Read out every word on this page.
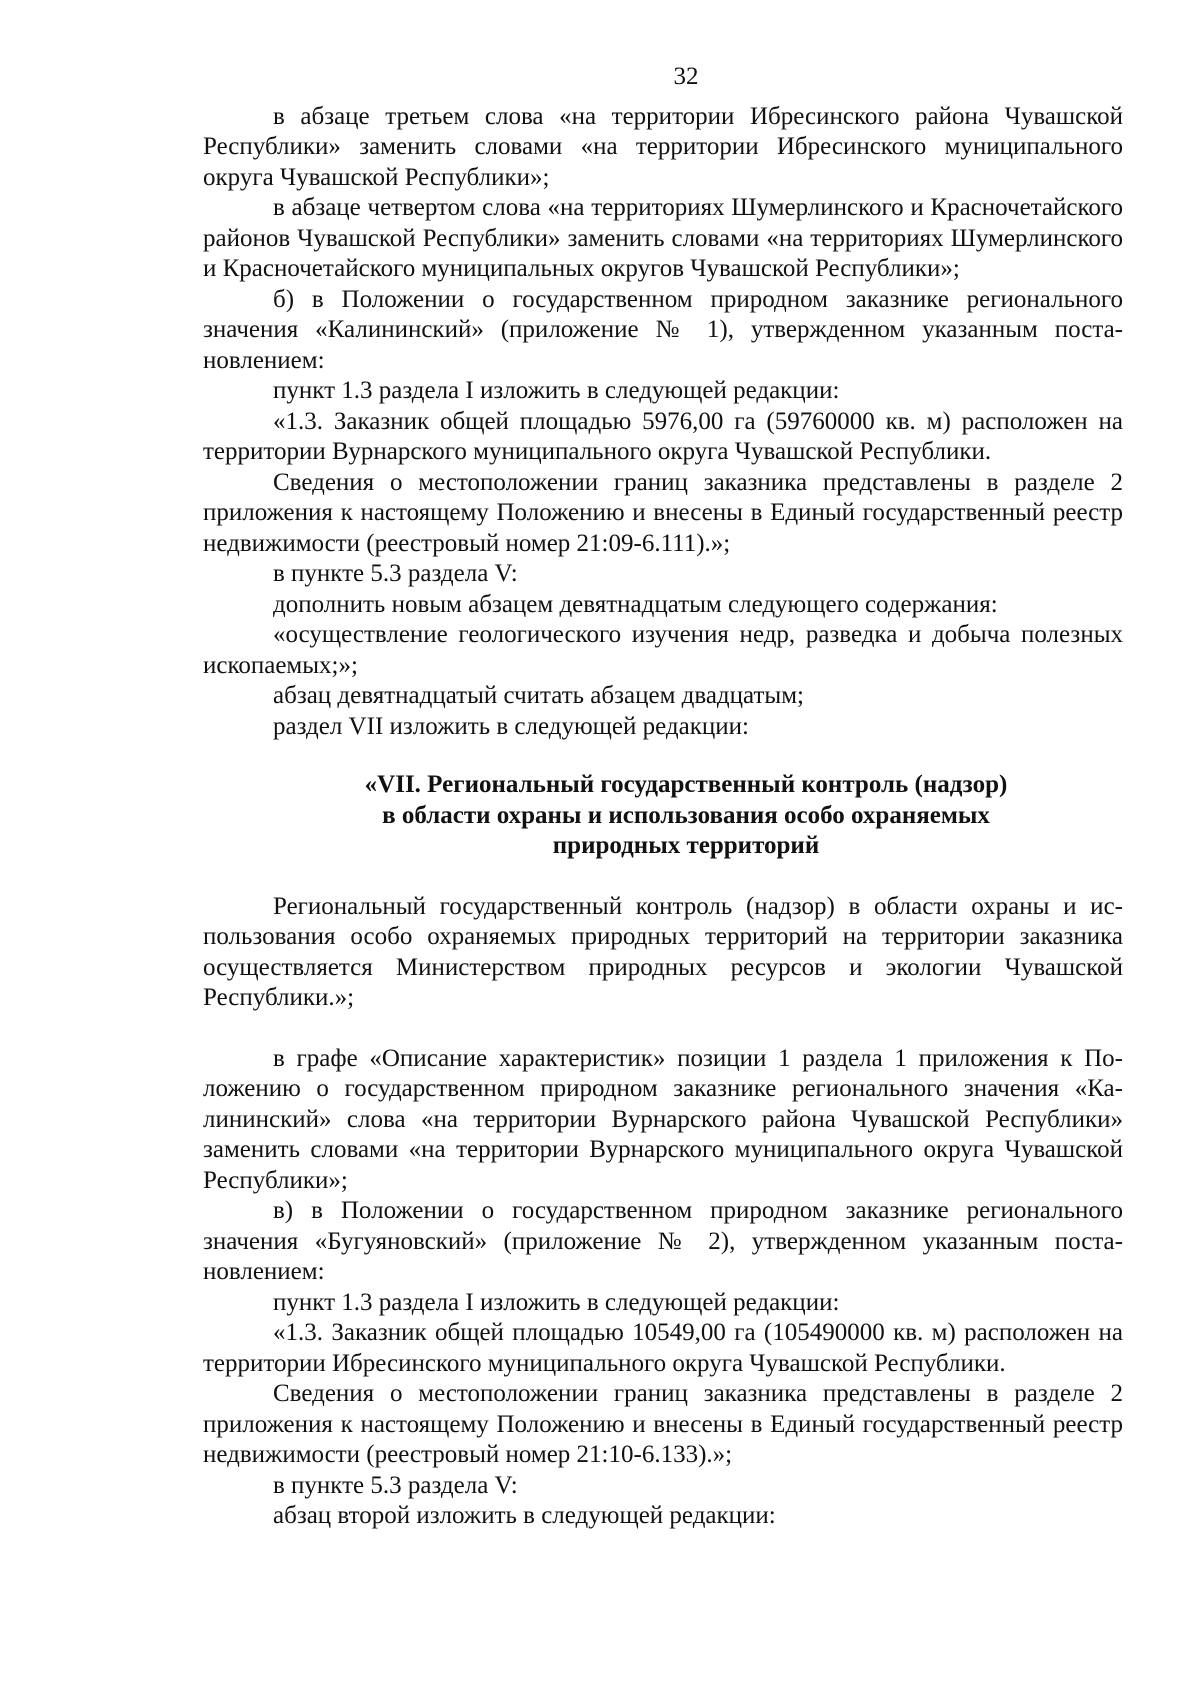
32

в абзаце третьем слова «на территории Ибресинского района Чувашской Республики» заменить словами «на территории Ибресинского муниципального округа Чувашской Республики»;

в абзаце четвертом слова «на территориях Шумерлинского и Красночетайского районов Чувашской Республики» заменить словами «на территориях Шумерлинского и Красночетайского муниципальных округов Чувашской Республики»;

б) в Положении о государственном природном заказнике регионального значения «Калининский» (приложение № 1), утвержденном указанным постановлением:

пункт 1.3 раздела I изложить в следующей редакции:

«1.3. Заказник общей площадью 5976,00 га (59760000 кв. м) расположен на территории Вурнарского муниципального округа Чувашской Республики.

Сведения о местоположении границ заказника представлены в разделе 2 приложения к настоящему Положению и внесены в Единый государственный реестр недвижимости (реестровый номер 21:09-6.111).»;

в пункте 5.3 раздела V:

дополнить новым абзацем девятнадцатым следующего содержания:

«осуществление геологического изучения недр, разведка и добыча полезных ископаемых;»;

абзац девятнадцатый считать абзацем двадцатым;

раздел VII изложить в следующей редакции:

«VII. Региональный государственный контроль (надзор)
в области охраны и использования особо охраняемых
природных территорий

Региональный государственный контроль (надзор) в области охраны и использования особо охраняемых природных территорий на территории заказника осуществляется Министерством природных ресурсов и экологии Чувашской Республики.»;

в графе «Описание характеристик» позиции 1 раздела 1 приложения к Положению о государственном природном заказнике регионального значения «Калининский» слова «на территории Вурнарского района Чувашской Республики» заменить словами «на территории Вурнарского муниципального округа Чувашской Республики»;

в) в Положении о государственном природном заказнике регионального значения «Бугуяновский» (приложение № 2), утвержденном указанным постановлением:

пункт 1.3 раздела I изложить в следующей редакции:

«1.3. Заказник общей площадью 10549,00 га (105490000 кв. м) расположен на территории Ибресинского муниципального округа Чувашской Республики.

Сведения о местоположении границ заказника представлены в разделе 2 приложения к настоящему Положению и внесены в Единый государственный реестр недвижимости (реестровый номер 21:10-6.133).»;

в пункте 5.3 раздела V:

абзац второй изложить в следующей редакции:
